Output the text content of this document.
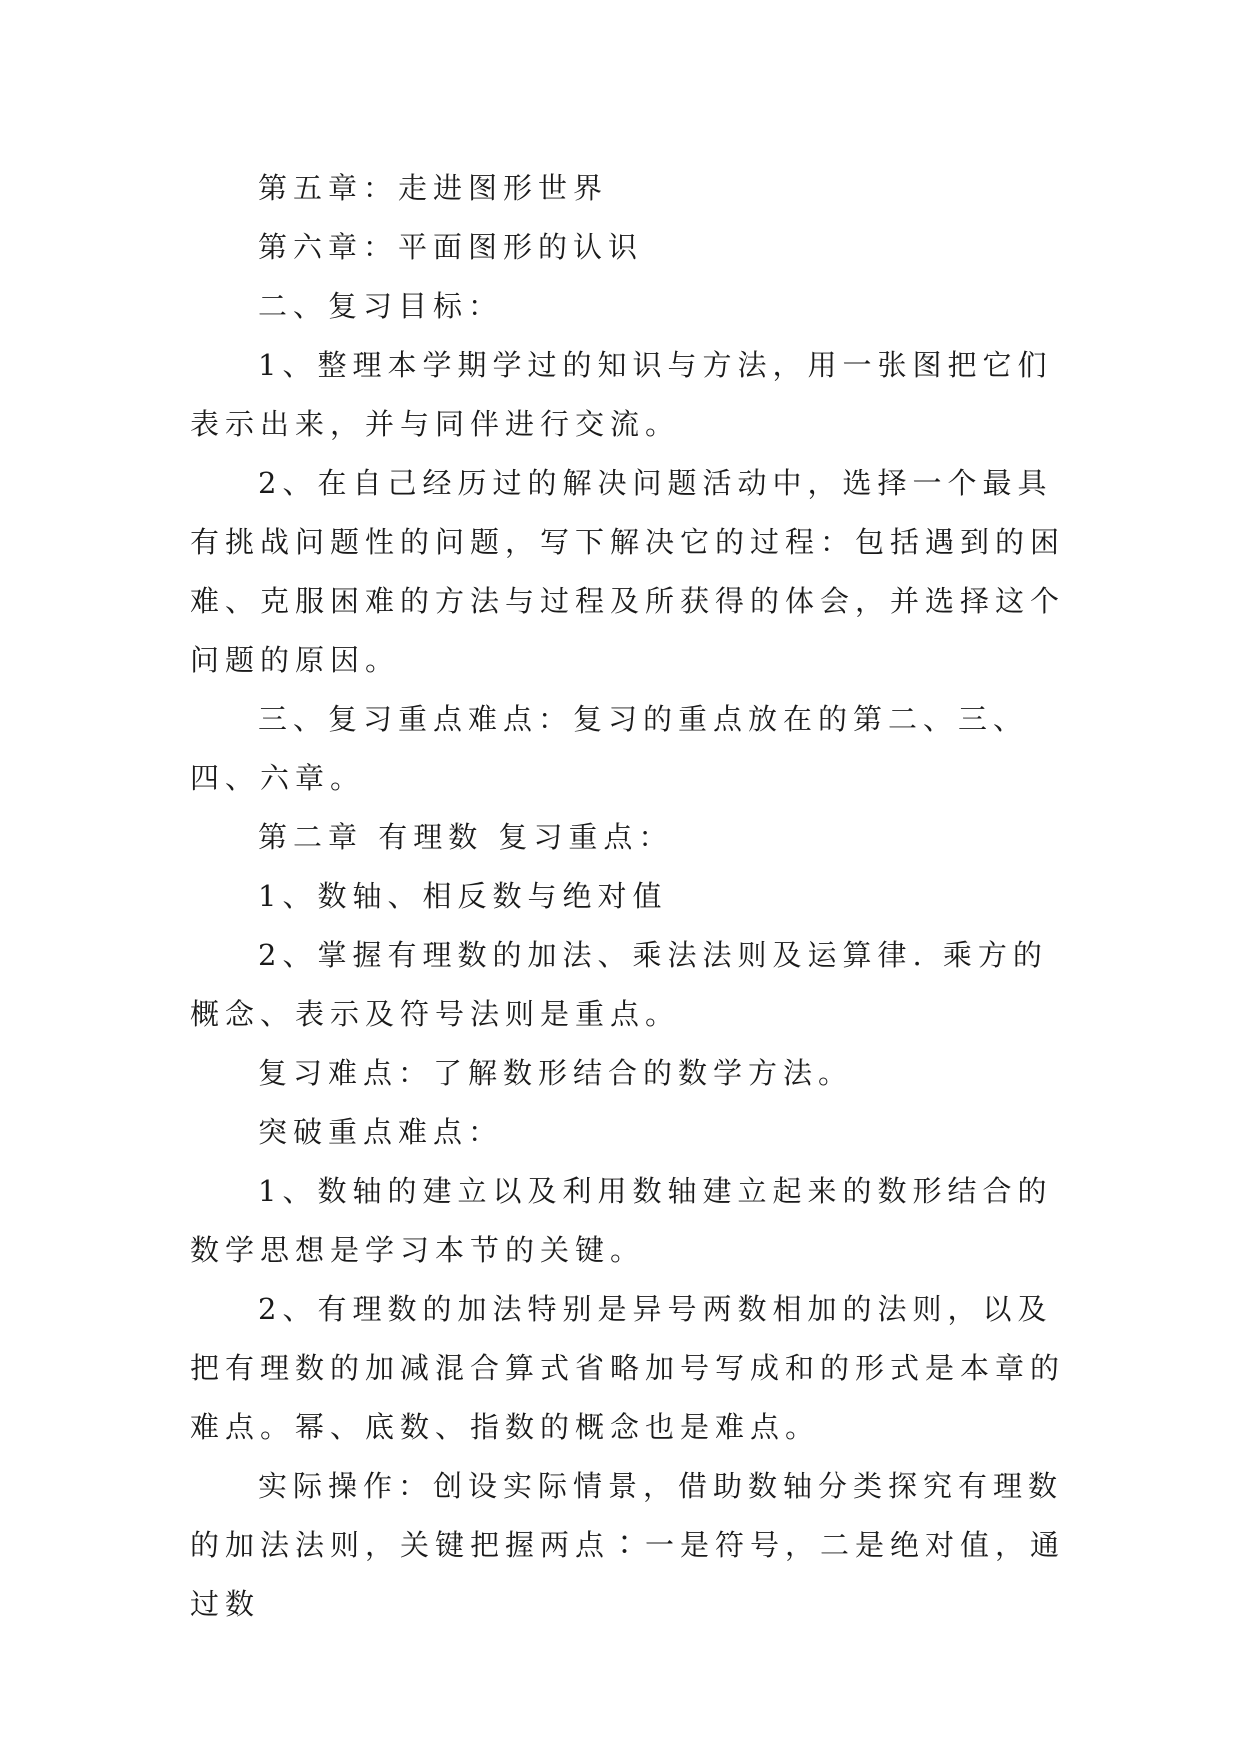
第五章：走进图形世界

第六章：平面图形的认识

二、复习目标：

1、整理本学期学过的知识与方法，用一张图把它们表示出来，并与同伴进行交流。

2、在自己经历过的解决问题活动中，选择一个最具有挑战问题性的问题，写下解决它的过程：包括遇到的困难、克服困难的方法与过程及所获得的体会，并选择这个问题的原因。

三、复习重点难点：复习的重点放在的第二、三、四、六章。

第二章 有理数 复习重点：

1、数轴、相反数与绝对值

2、掌握有理数的加法、乘法法则及运算律. 乘方的概念、表示及符号法则是重点。

复习难点：了解数形结合的数学方法。

突破重点难点：

1、数轴的建立以及利用数轴建立起来的数形结合的数学思想是学习本节的关键。

2、有理数的加法特别是异号两数相加的法则，以及把有理数的加减混合算式省略加号写成和的形式是本章的难点。幂、底数、指数的概念也是难点。

实际操作：创设实际情景，借助数轴分类探究有理数的加法法则，关键把握两点∶一是符号，二是绝对值，通过数
